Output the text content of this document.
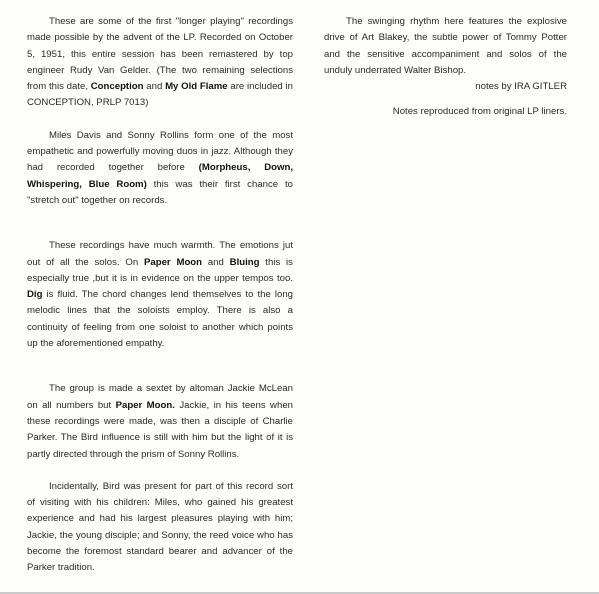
These are some of the first "longer playing" recordings made possible by the advent of the LP. Recorded on October 5, 1951, this entire session has been remastered by top engineer Rudy Van Gelder. (The two remaining selections from this date, Conception and My Old Flame are included in CONCEPTION, PRLP 7013)

Miles Davis and Sonny Rollins form one of the most empathetic and powerfully moving duos in jazz. Although they had recorded together before (Morpheus, Down, Whispering, Blue Room) this was their first chance to "stretch out" together on records.

These recordings have much warmth. The emotions jut out of all the solos. On Paper Moon and Bluing this is especially true ,but it is in evidence on the upper tempos too. Dig is fluid. The chord changes lend themselves to the long melodic lines that the soloists employ. There is also a continuity of feeling from one soloist to another which points up the aforementioned empathy.

The group is made a sextet by altoman Jackie McLean on all numbers but Paper Moon. Jackie, in his teens when these recordings were made, was then a disciple of Charlie Parker. The Bird influence is still with him but the light of it is partly directed through the prism of Sonny Rollins.

Incidentally, Bird was present for part of this record sort of visiting with his children: Miles, who gained his greatest experience and had his largest pleasures playing with him; Jackie, the young disciple; and Sonny, the reed voice who has become the foremost standard bearer and advancer of the Parker tradition.

The swinging rhythm here features the explosive drive of Art Blakey, the subtle power of Tommy Potter and the sensitive accompaniment and solos of the unduly underrated Walter Bishop.

notes by IRA GITLER

Notes reproduced from original LP liners.
